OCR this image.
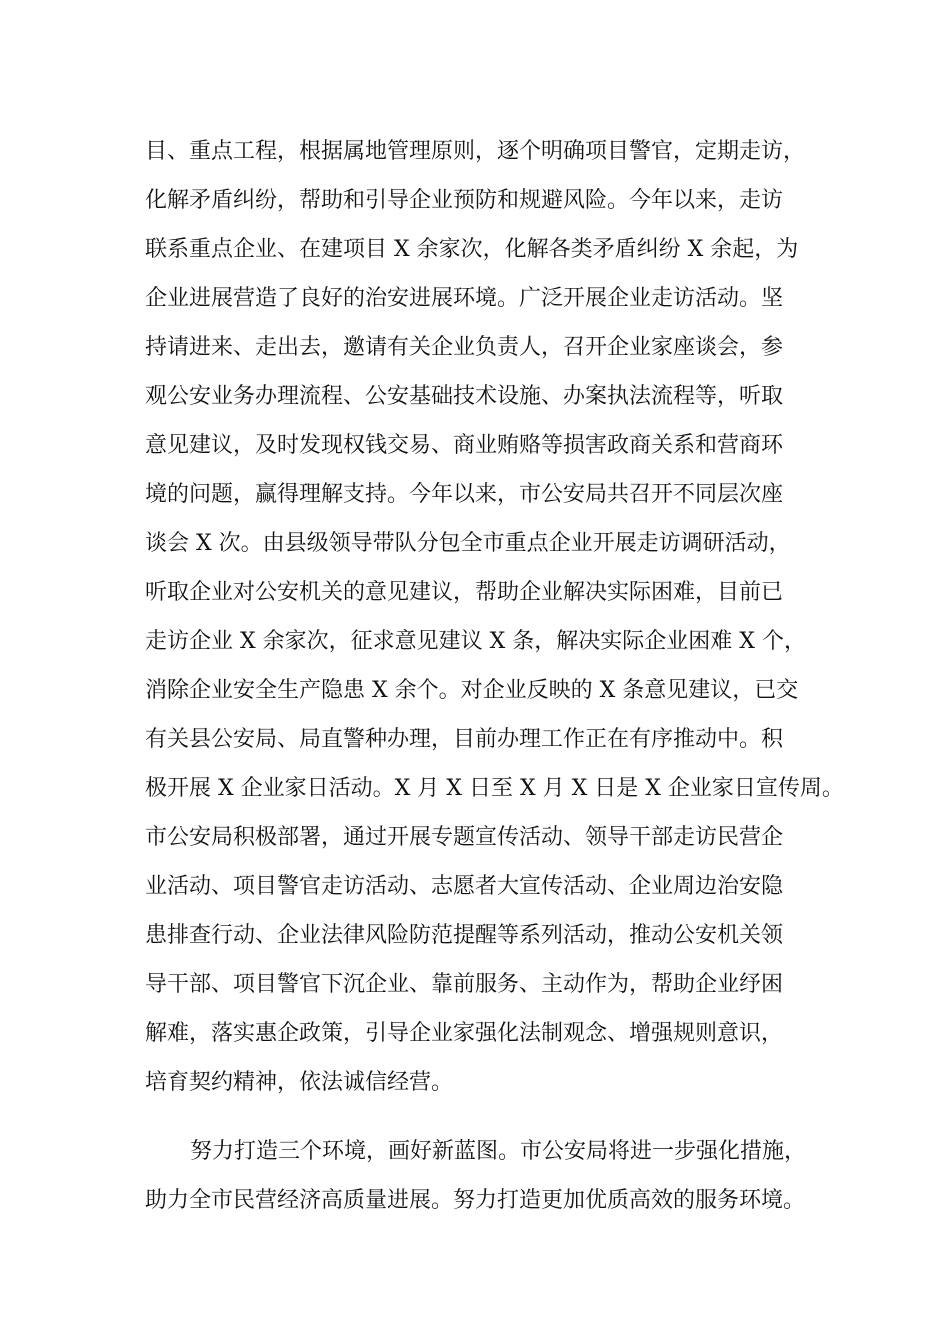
目、重点工程，根据属地管理原则，逐个明确项目警官，定期走访，
化解矛盾纠纷，帮助和引导企业预防和规避风险。今年以来，走访
联系重点企业、在建项目 X 余家次，化解各类矛盾纠纷 X 余起，为
企业进展营造了良好的治安进展环境。广泛开展企业走访活动。坚
持请进来、走出去，邀请有关企业负责人，召开企业家座谈会，参
观公安业务办理流程、公安基础技术设施、办案执法流程等，听取
意见建议，及时发现权钱交易、商业贿赂等损害政商关系和营商环
境的问题，赢得理解支持。今年以来，市公安局共召开不同层次座
谈会 X 次。由县级领导带队分包全市重点企业开展走访调研活动，
听取企业对公安机关的意见建议，帮助企业解决实际困难，目前已
走访企业 X 余家次，征求意见建议 X 条，解决实际企业困难 X 个，
消除企业安全生产隐患 X 余个。对企业反映的 X 条意见建议，已交
有关县公安局、局直警种办理，目前办理工作正在有序推动中。积
极开展 X 企业家日活动。X 月 X 日至 X 月 X 日是 X 企业家日宣传周。
市公安局积极部署，通过开展专题宣传活动、领导干部走访民营企
业活动、项目警官走访活动、志愿者大宣传活动、企业周边治安隐
患排查行动、企业法律风险防范提醒等系列活动，推动公安机关领
导干部、项目警官下沉企业、靠前服务、主动作为，帮助企业纾困
解难，落实惠企政策，引导企业家强化法制观念、增强规则意识，
培育契约精神，依法诚信经营。
努力打造三个环境，画好新蓝图。市公安局将进一步强化措施，
助力全市民营经济高质量进展。努力打造更加优质高效的服务环境。
